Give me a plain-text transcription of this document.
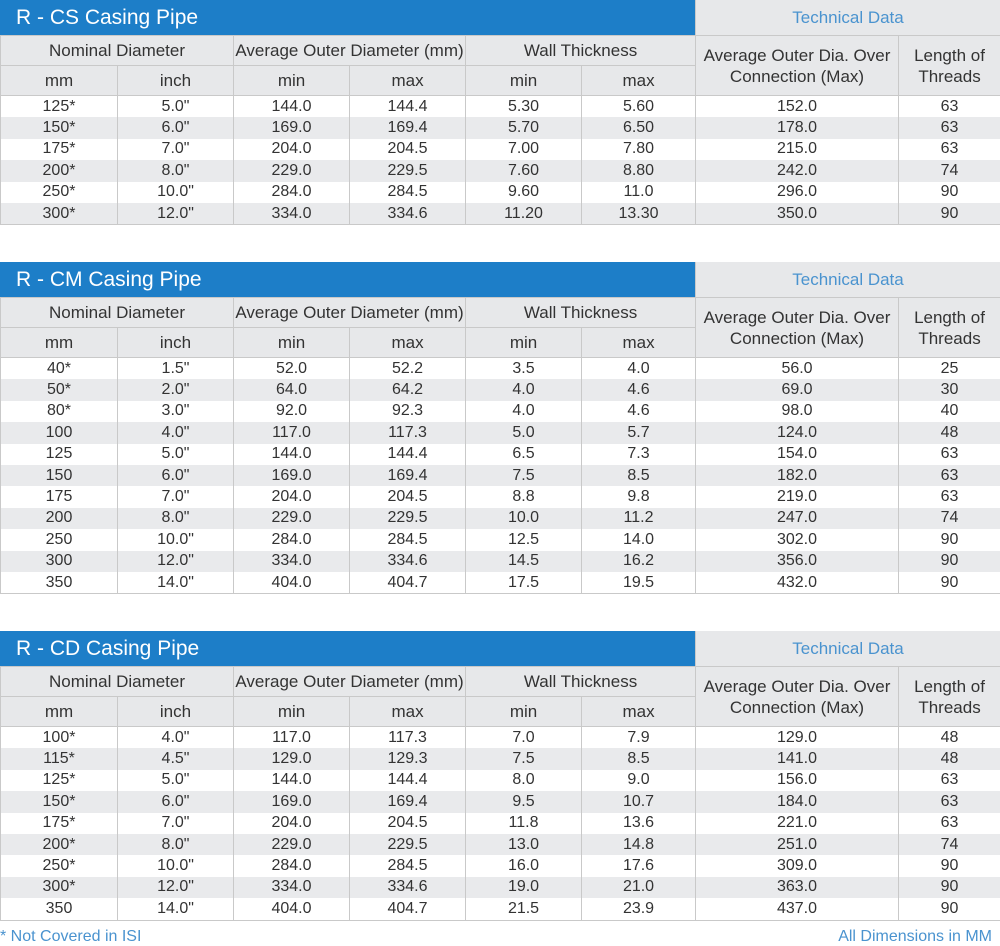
R - CS Casing Pipe	Technical Data
Nominal Diameter		Average Outer Diameter (mm)		Wall Thickness		Average Outer Dia. Over Connection (Max)	Length of Threads
mm	inch	min	max	min	max		
125*	5.0"	144.0	144.4	5.30	5.60	152.0	63
150*	6.0"	169.0	169.4	5.70	6.50	178.0	63
175*	7.0"	204.0	204.5	7.00	7.80	215.0	63
200*	8.0"	229.0	229.5	7.60	8.80	242.0	74
250*	10.0"	284.0	284.5	9.60	11.0	296.0	90
300*	12.0"	334.0	334.6	11.20	13.30	350.0	90
R - CM Casing Pipe	Technical Data
Nominal Diameter		Average Outer Diameter (mm)		Wall Thickness		Average Outer Dia. Over Connection (Max)	Length of Threads
mm	inch	min	max	min	max		
40*	1.5"	52.0	52.2	3.5	4.0	56.0	25
50*	2.0"	64.0	64.2	4.0	4.6	69.0	30
80*	3.0"	92.0	92.3	4.0	4.6	98.0	40
100	4.0"	117.0	117.3	5.0	5.7	124.0	48
125	5.0"	144.0	144.4	6.5	7.3	154.0	63
150	6.0"	169.0	169.4	7.5	8.5	182.0	63
175	7.0"	204.0	204.5	8.8	9.8	219.0	63
200	8.0"	229.0	229.5	10.0	11.2	247.0	74
250	10.0"	284.0	284.5	12.5	14.0	302.0	90
300	12.0"	334.0	334.6	14.5	16.2	356.0	90
350	14.0"	404.0	404.7	17.5	19.5	432.0	90
R - CD Casing Pipe	Technical Data
Nominal Diameter		Average Outer Diameter (mm)		Wall Thickness		Average Outer Dia. Over Connection (Max)	Length of Threads
mm	inch	min	max	min	max		
100*	4.0"	117.0	117.3	7.0	7.9	129.0	48
115*	4.5"	129.0	129.3	7.5	8.5	141.0	48
125*	5.0"	144.0	144.4	8.0	9.0	156.0	63
150*	6.0"	169.0	169.4	9.5	10.7	184.0	63
175*	7.0"	204.0	204.5	11.8	13.6	221.0	63
200*	8.0"	229.0	229.5	13.0	14.8	251.0	74
250*	10.0"	284.0	284.5	16.0	17.6	309.0	90
300*	12.0"	334.0	334.6	19.0	21.0	363.0	90
350	14.0"	404.0	404.7	21.5	23.9	437.0	90
* Not Covered in ISI	All Dimensions in MM
